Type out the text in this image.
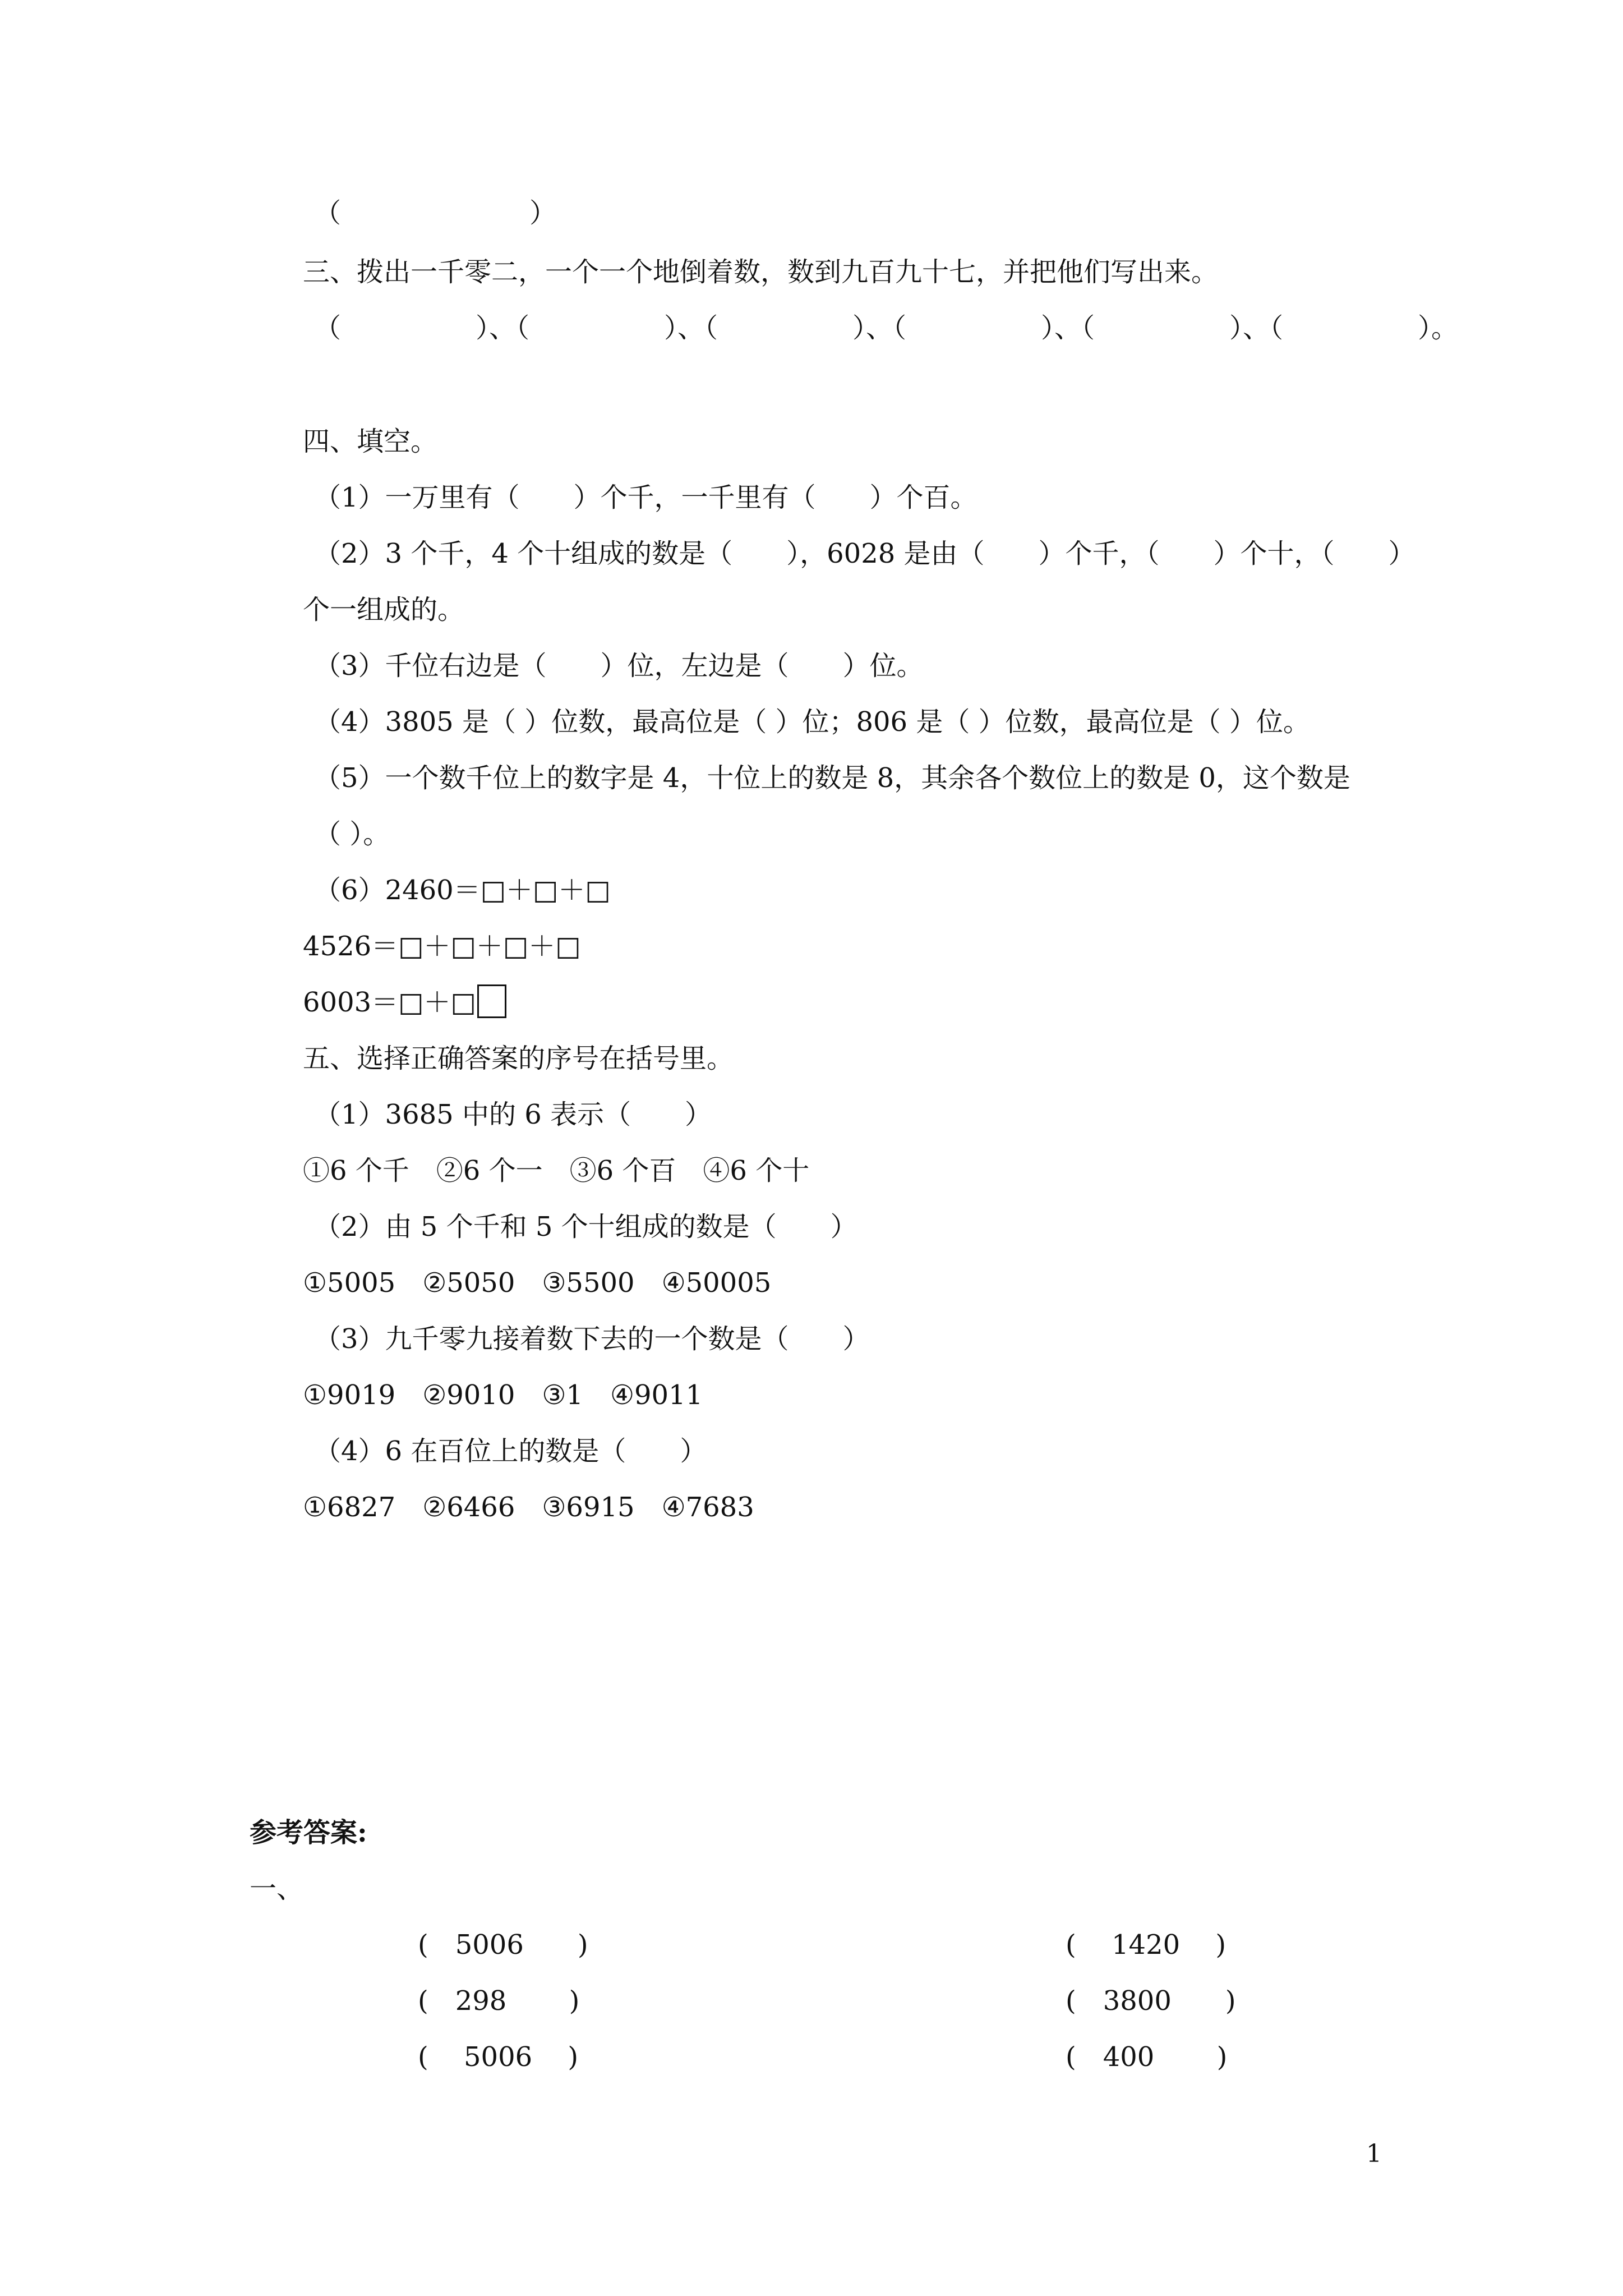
（　　　　　　　）

三、拨出一千零二，一个一个地倒着数，数到九百九十七，并把他们写出来。

（　　　　　）、（　　　　　）、（　　　　　）、（　　　　　）、（　　　　　）、（　　　　　）。

四、填空。

（1）一万里有（　　）个千，一千里有（　　）个百。

（2）3 个千，4 个十组成的数是（　　），6028 是由（　　）个千，（　　）个十，（　　）

个一组成的。

（3）千位右边是（　　）位，左边是（　　）位。

（4）3805 是（ ）位数，最高位是（ ）位；806 是（ ）位数，最高位是（ ）位。

（5）一个数千位上的数字是 4，十位上的数是 8，其余各个数位上的数是 0，这个数是

（ ）。

（6）2460＝□＋□＋□

4526＝□＋□＋□＋□

6003＝□＋□

五、选择正确答案的序号在括号里。

（1）3685 中的 6 表示（　　）

①6 个千　②6 个一　③6 个百　④6 个十

（2）由 5 个千和 5 个十组成的数是（　　）

①5005　②5050　③5500　④50005

（3）九千零九接着数下去的一个数是（　　）

①9019　②9010　③1　④9011

（4）6 在百位上的数是（　　）

①6827　②6466　③6915　④7683

参考答案:

一、

(　5006　　)	(　 1420　 )
(　298　　 )	(　3800　　)
(　 5006　 )	(　400　　 )
1
